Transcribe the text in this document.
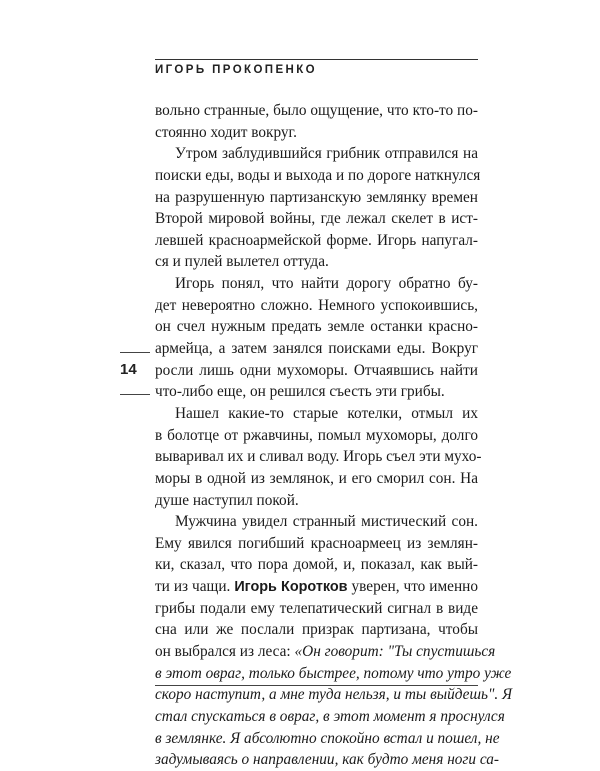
ИГОРЬ ПРОКОПЕНКО
14
вольно странные, было ощущение, что кто-то по-
стоянно ходит вокруг.
Утром заблудившийся грибник отправился на
поиски еды, воды и выхода и по дороге наткнулся
на разрушенную партизанскую землянку времен
Второй мировой войны, где лежал скелет в ист-
левшей красноармейской форме. Игорь напугал-
ся и пулей вылетел оттуда.
Игорь понял, что найти дорогу обратно бу-
дет невероятно сложно. Немного успокоившись,
он счел нужным предать земле останки красно-
армейца, а затем занялся поисками еды. Вокруг
росли лишь одни мухоморы. Отчаявшись найти
что-либо еще, он решился съесть эти грибы.
Нашел какие-то старые котелки, отмыл их
в болотце от ржавчины, помыл мухоморы, долго
вываривал их и сливал воду. Игорь съел эти мухо-
моры в одной из землянок, и его сморил сон. На
душе наступил покой.
Мужчина увидел странный мистический сон.
Ему явился погибший красноармеец из землян-
ки, сказал, что пора домой, и, показал, как вый-
ти из чащи. Игорь Коротков уверен, что именно
грибы подали ему телепатический сигнал в виде
сна или же послали призрак партизана, чтобы
он выбрался из леса: «Он говорит: "Ты спустишься
в этот овраг, только быстрее, потому что утро уже
скоро наступит, а мне туда нельзя, и ты выйдешь". Я
стал спускаться в овраг, в этот момент я проснулся
в землянке. Я абсолютно спокойно встал и пошел, не
задумываясь о направлении, как будто меня ноги са-
